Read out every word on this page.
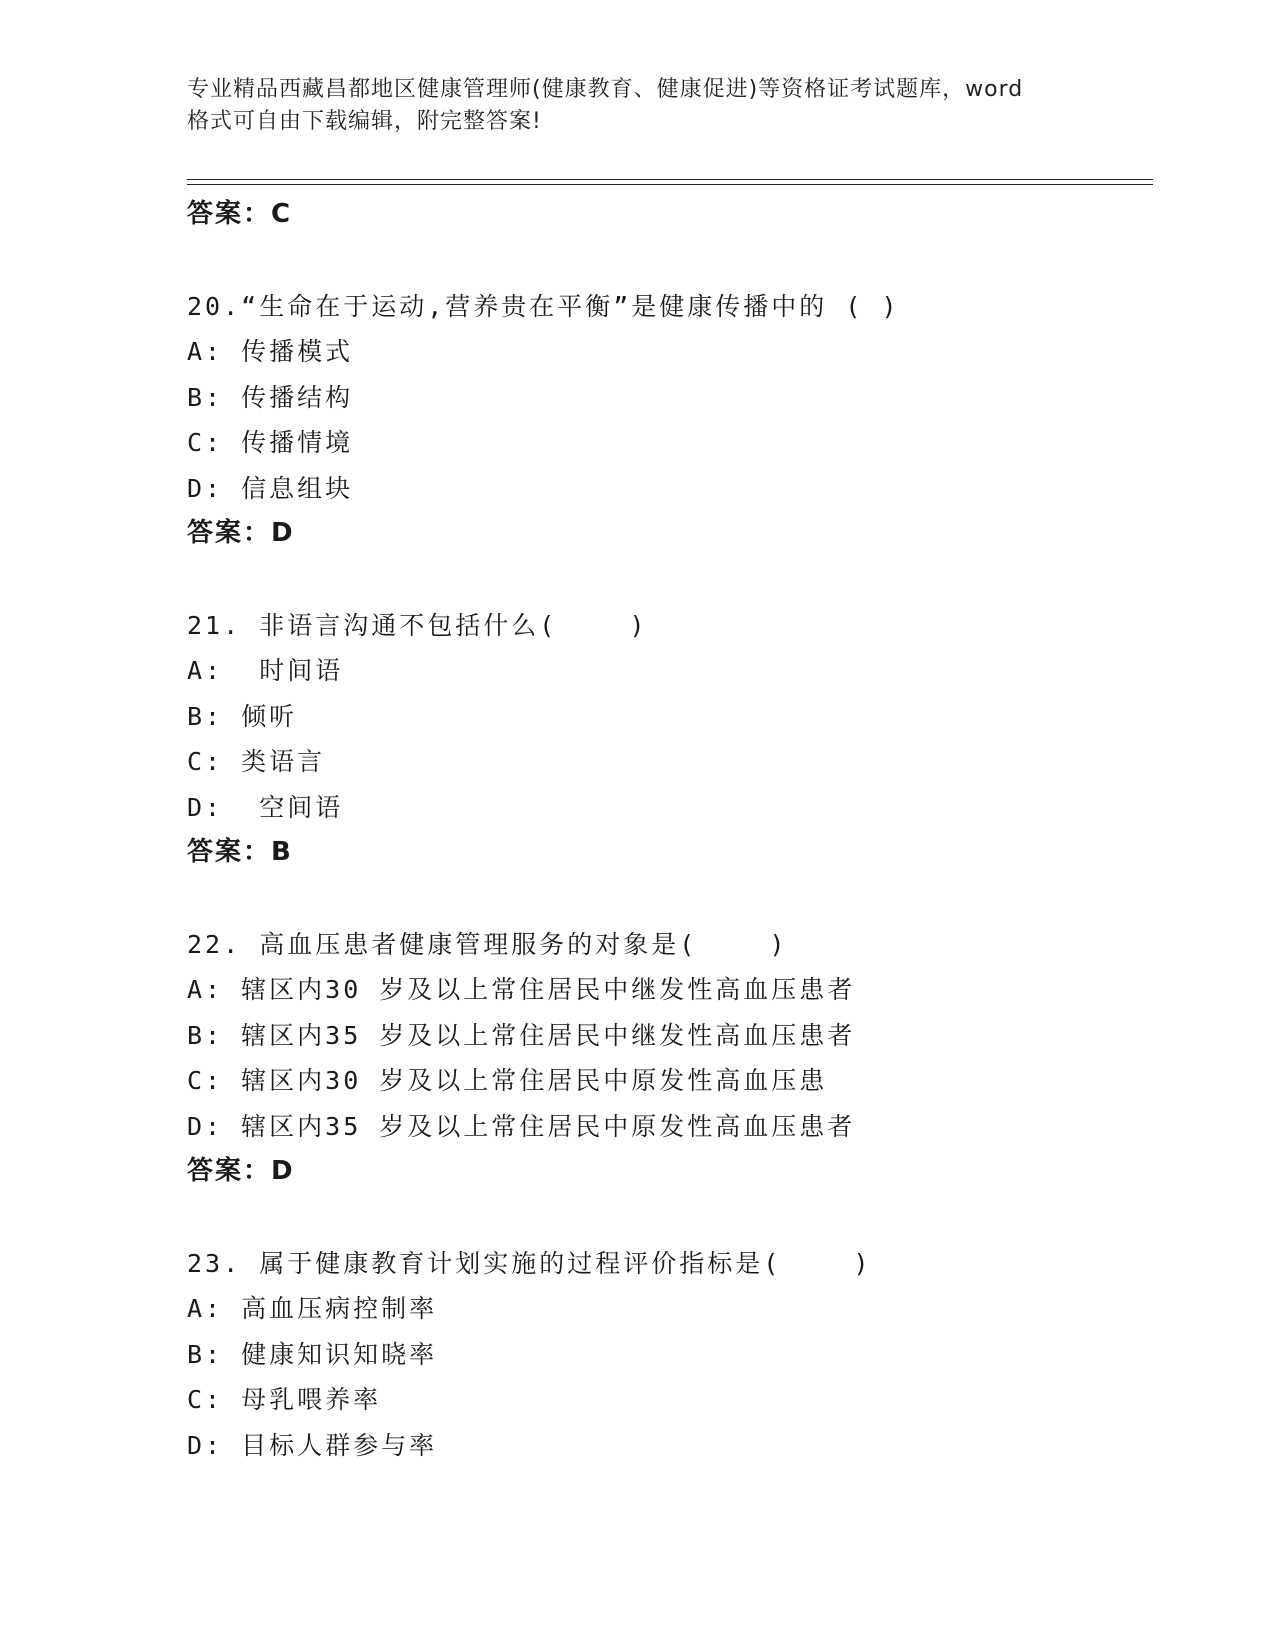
专业精品西藏昌都地区健康管理师(健康教育、健康促进)等资格证考试题库，word
格式可自由下载编辑，附完整答案!
答案：C
20.“生命在于运动,营养贵在平衡”是健康传播中的 ( )
A: 传播模式
B: 传播结构
C: 传播情境
D: 信息组块
答案：D
21. 非语言沟通不包括什么(    )
A:  时间语
B: 倾听
C: 类语言
D:  空间语
答案：B
22. 高血压患者健康管理服务的对象是(    )
A: 辖区内30 岁及以上常住居民中继发性高血压患者
B: 辖区内35 岁及以上常住居民中继发性高血压患者
C: 辖区内30 岁及以上常住居民中原发性高血压患
D: 辖区内35 岁及以上常住居民中原发性高血压患者
答案：D
23. 属于健康教育计划实施的过程评价指标是(    )
A: 高血压病控制率
B: 健康知识知晓率
C: 母乳喂养率
D: 目标人群参与率
